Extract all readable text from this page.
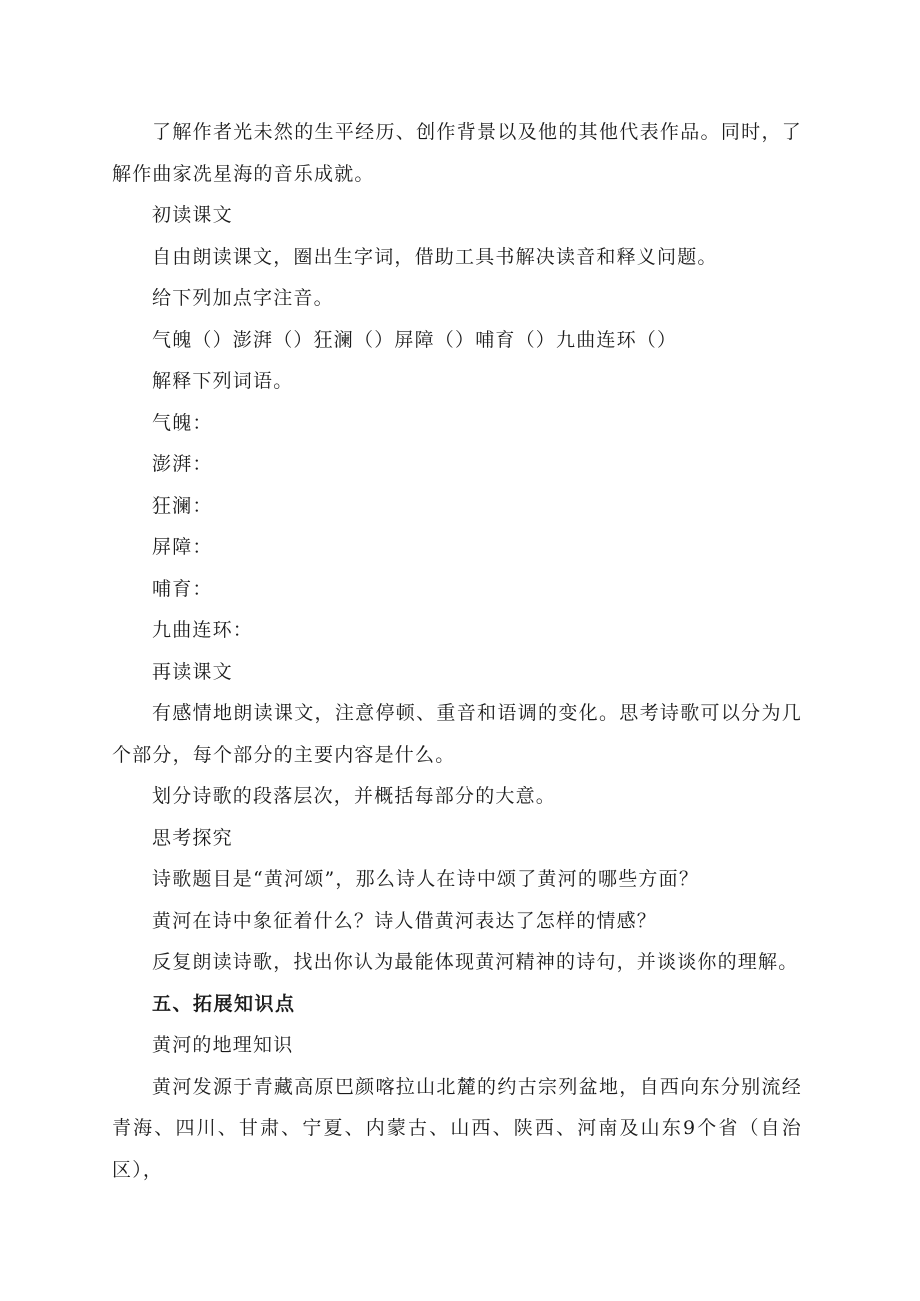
了解作者光未然的生平经历、创作背景以及他的其他代表作品。同时，了解作曲家冼星海的音乐成就。

初读课文

自由朗读课文，圈出生字词，借助工具书解决读音和释义问题。

给下列加点字注音。

气魄（）澎湃（）狂澜（）屏障（）哺育（）九曲连环（）

解释下列词语。

气魄：

澎湃：

狂澜：

屏障：

哺育：

九曲连环：

再读课文

有感情地朗读课文，注意停顿、重音和语调的变化。思考诗歌可以分为几个部分，每个部分的主要内容是什么。

划分诗歌的段落层次，并概括每部分的大意。

思考探究

诗歌题目是“黄河颂”，那么诗人在诗中颂了黄河的哪些方面？

黄河在诗中象征着什么？诗人借黄河表达了怎样的情感？

反复朗读诗歌，找出你认为最能体现黄河精神的诗句，并谈谈你的理解。

五、拓展知识点

黄河的地理知识

黄河发源于青藏高原巴颜喀拉山北麓的约古宗列盆地，自西向东分别流经青海、四川、甘肃、宁夏、内蒙古、山西、陕西、河南及山东9个省（自治区），
